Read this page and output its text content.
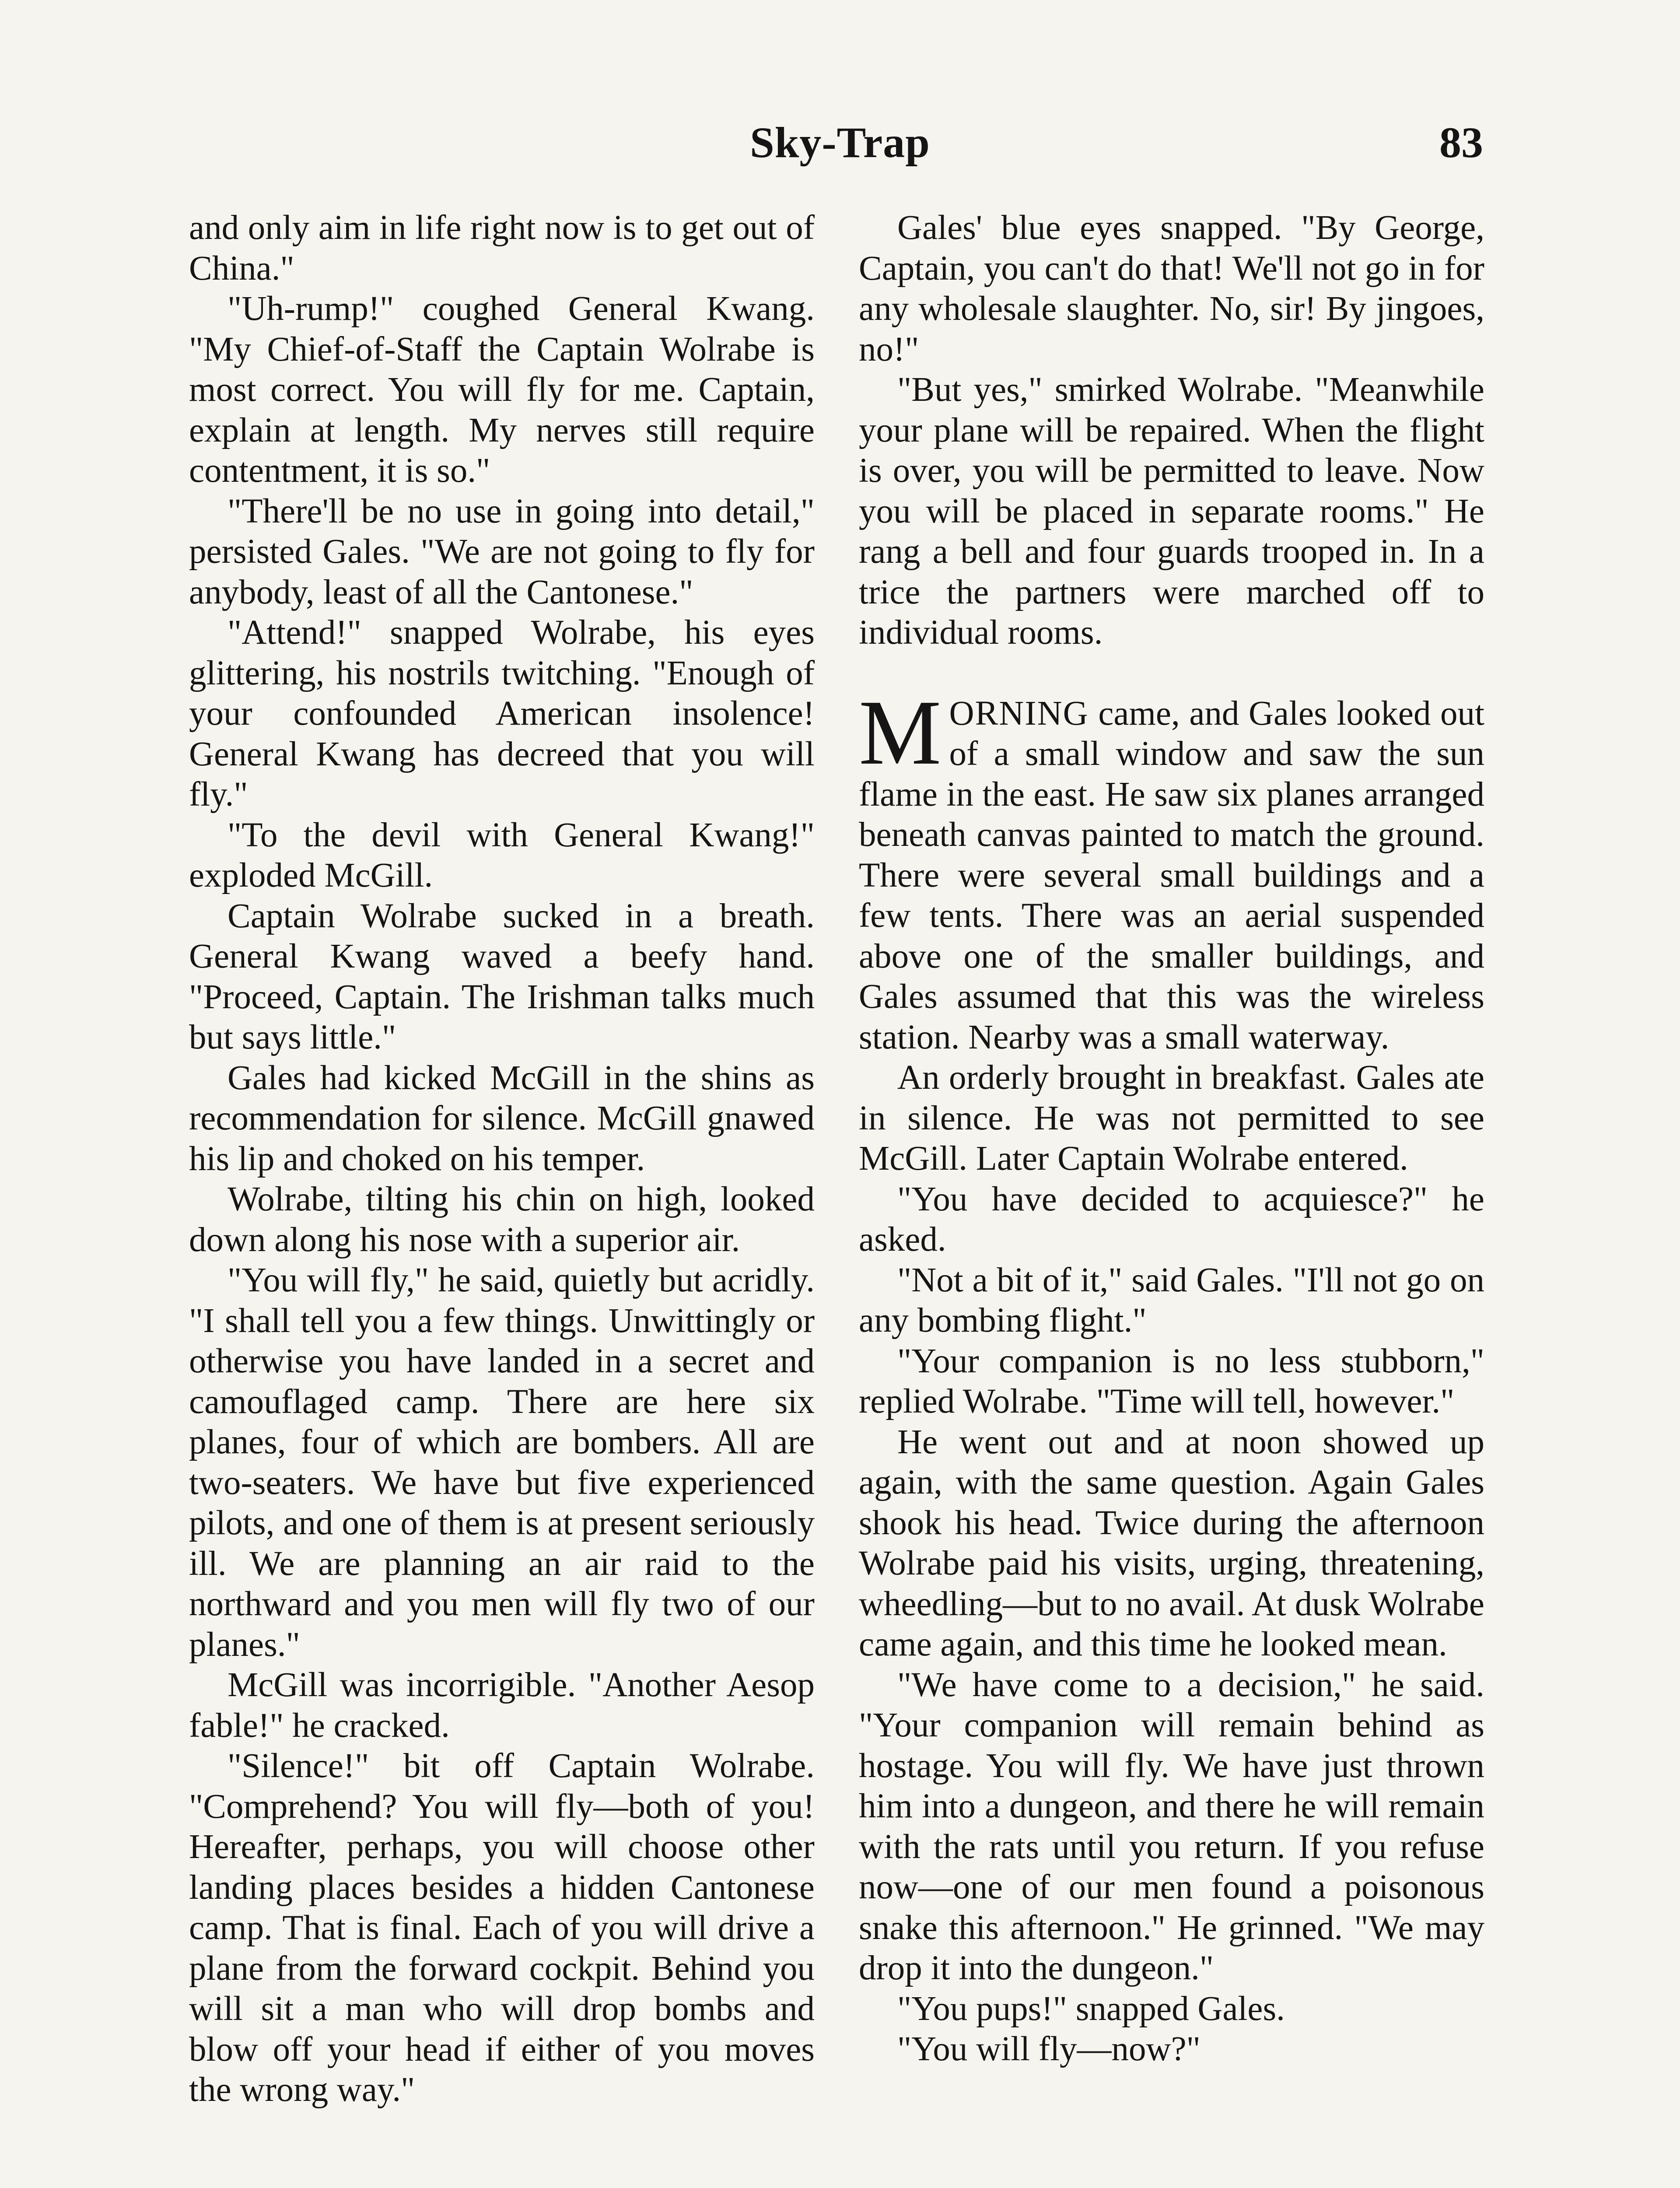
Sky-Trap	83

and only aim in life right now is to get out of China."

"Uh-rump!" coughed General Kwang. "My Chief-of-Staff the Captain Wolrabe is most correct. You will fly for me. Captain, explain at length. My nerves still require contentment, it is so."

"There'll be no use in going into detail," persisted Gales. "We are not going to fly for anybody, least of all the Cantonese."

"Attend!" snapped Wolrabe, his eyes glittering, his nostrils twitching. "Enough of your confounded American insolence! General Kwang has decreed that you will fly."

"To the devil with General Kwang!" exploded McGill.

Captain Wolrabe sucked in a breath. General Kwang waved a beefy hand. "Proceed, Captain. The Irishman talks much but says little."

Gales had kicked McGill in the shins as recommendation for silence. McGill gnawed his lip and choked on his temper.

Wolrabe, tilting his chin on high, looked down along his nose with a superior air.

"You will fly," he said, quietly but acridly. "I shall tell you a few things. Unwittingly or otherwise you have landed in a secret and camouflaged camp. There are here six planes, four of which are bombers. All are two-seaters. We have but five experienced pilots, and one of them is at present seriously ill. We are planning an air raid to the northward and you men will fly two of our planes."

McGill was incorrigible. "Another Aesop fable!" he cracked.

"Silence!" bit off Captain Wolrabe. "Comprehend? You will fly—both of you! Hereafter, perhaps, you will choose other landing places besides a hidden Cantonese camp. That is final. Each of you will drive a plane from the forward cockpit. Behind you will sit a man who will drop bombs and blow off your head if either of you moves the wrong way."

Gales' blue eyes snapped. "By George, Captain, you can't do that! We'll not go in for any wholesale slaughter. No, sir! By jingoes, no!"

"But yes," smirked Wolrabe. "Meanwhile your plane will be repaired. When the flight is over, you will be permitted to leave. Now you will be placed in separate rooms." He rang a bell and four guards trooped in. In a trice the partners were marched off to individual rooms.

MORNING came, and Gales looked out of a small window and saw the sun flame in the east. He saw six planes arranged beneath canvas painted to match the ground. There were several small buildings and a few tents. There was an aerial suspended above one of the smaller buildings, and Gales assumed that this was the wireless station. Nearby was a small waterway.

An orderly brought in breakfast. Gales ate in silence. He was not permitted to see McGill. Later Captain Wolrabe entered.

"You have decided to acquiesce?" he asked.

"Not a bit of it," said Gales. "I'll not go on any bombing flight."

"Your companion is no less stubborn," replied Wolrabe. "Time will tell, however."

He went out and at noon showed up again, with the same question. Again Gales shook his head. Twice during the afternoon Wolrabe paid his visits, urging, threatening, wheedling—but to no avail. At dusk Wolrabe came again, and this time he looked mean.

"We have come to a decision," he said. "Your companion will remain behind as hostage. You will fly. We have just thrown him into a dungeon, and there he will remain with the rats until you return. If you refuse now—one of our men found a poisonous snake this afternoon." He grinned. "We may drop it into the dungeon."

"You pups!" snapped Gales.

"You will fly—now?"
